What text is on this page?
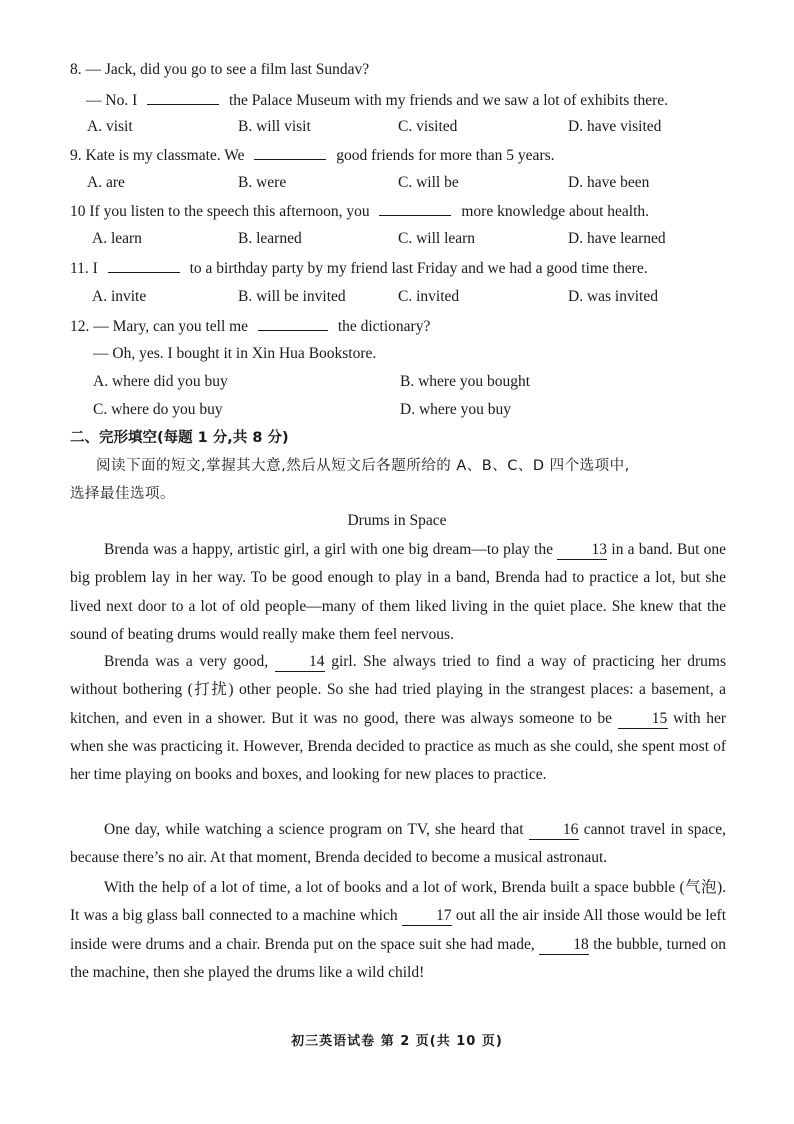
8. — Jack, did you go to see a film last Sundav?
— No. I	the Palace Museum with my friends and we saw a lot of exhibits there.
A. visit	B. will visit	C. visited	D. have visited
9. Kate is my classmate. We	good friends for more than 5 years.
A. are	B. were	C. will be	D. have been
10 If you listen to the speech this afternoon, you	more knowledge about health.
A. learn	B. learned	C. will learn	D. have learned
11. I	to a birthday party by my friend last Friday and we had a good time there.
A. invite	B. will be invited	C. invited	D. was invited
12. — Mary, can you tell me	the dictionary?
— Oh, yes. I bought it in Xin Hua Bookstore.
A. where did you buy	B. where you bought
C. where do you buy	D. where you buy
二、完形填空(每题 1 分,共 8 分)
阅读下面的短文,掌握其大意,然后从短文后各题所给的 A、B、C、D 四个选项中,
选择最佳选项。
Drums in Space
Brenda was a happy, artistic girl, a girl with one big dream—to play the 13 in a band. But one big problem lay in her way. To be good enough to play in a band, Brenda had to practice a lot, but she lived next door to a lot of old people—many of them liked living in the quiet place. She knew that the sound of beating drums would really make them feel nervous.
Brenda was a very good,	14 girl. She always tried to find a way of practicing her drums without bothering (打扰) other people. So she had tried playing in the strangest places: a basement, a kitchen, and even in a shower. But it was no good, there was always someone to be	15 with her when she was practicing it. However, Brenda decided to practice as much as she could, she spent most of her time playing on books and boxes, and looking for new places to practice.
One day, while watching a science program on TV, she heard that	16 cannot travel in space, because there’s no air. At that moment, Brenda decided to become a musical astronaut.
With the help of a lot of time, a lot of books and a lot of work, Brenda built a space bubble (气泡). It was a big glass ball connected to a machine which 17 out all the air inside All those would be left inside were drums and a chair. Brenda put on the space suit she had made, 18 the bubble, turned on the machine, then she played the drums like a wild child!
初三英语试卷 第 2 页(共 10 页)
